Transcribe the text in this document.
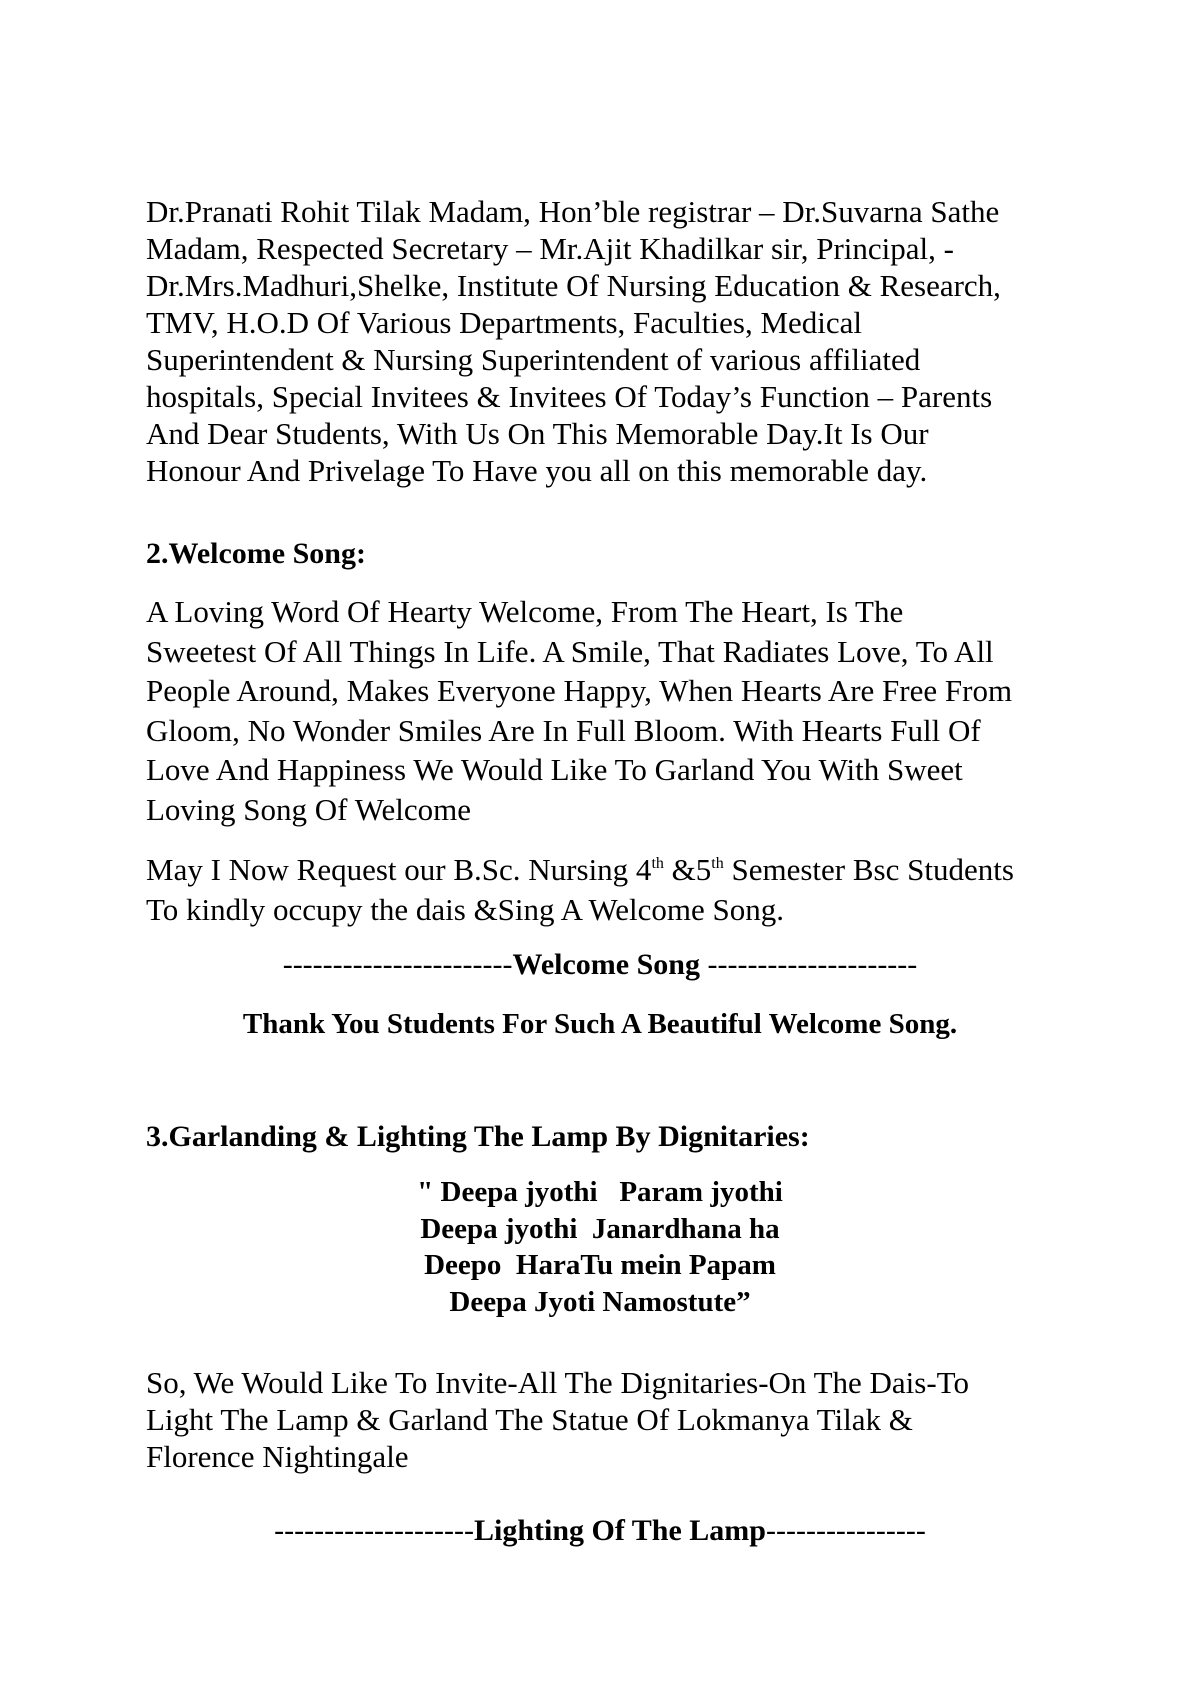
Dr.Pranati Rohit Tilak Madam, Hon’ble registrar – Dr.Suvarna Sathe
Madam, Respected Secretary – Mr.Ajit Khadilkar sir, Principal, -
Dr.Mrs.Madhuri,Shelke, Institute Of Nursing Education & Research,
TMV, H.O.D Of Various Departments, Faculties, Medical
Superintendent & Nursing Superintendent of various affiliated
hospitals, Special Invitees & Invitees Of Today’s Function – Parents
And Dear Students, With Us On This Memorable Day.It Is Our
Honour And Privelage To Have you all on this memorable day.
2.Welcome Song:
A Loving Word Of Hearty Welcome, From The Heart, Is The
Sweetest Of All Things In Life. A Smile, That Radiates Love, To All
People Around, Makes Everyone Happy, When Hearts Are Free From
Gloom, No Wonder Smiles Are In Full Bloom. With Hearts Full Of
Love And Happiness We Would Like To Garland You With Sweet
Loving Song Of Welcome
May I Now Request our B.Sc. Nursing 4th &5th Semester Bsc Students
To kindly occupy the dais &Sing A Welcome Song.
-----------------------Welcome Song ---------------------
Thank You Students For Such A Beautiful Welcome Song.
3.Garlanding & Lighting The Lamp By Dignitaries:
" Deepa jyothi   Param jyothi
Deepa jyothi  Janardhana ha
Deepo  HaraTu mein Papam
Deepa Jyoti Namostute”
So, We Would Like To Invite-All The Dignitaries-On The Dais-To
Light The Lamp & Garland The Statue Of Lokmanya Tilak &
Florence Nightingale
--------------------Lighting Of The Lamp----------------
